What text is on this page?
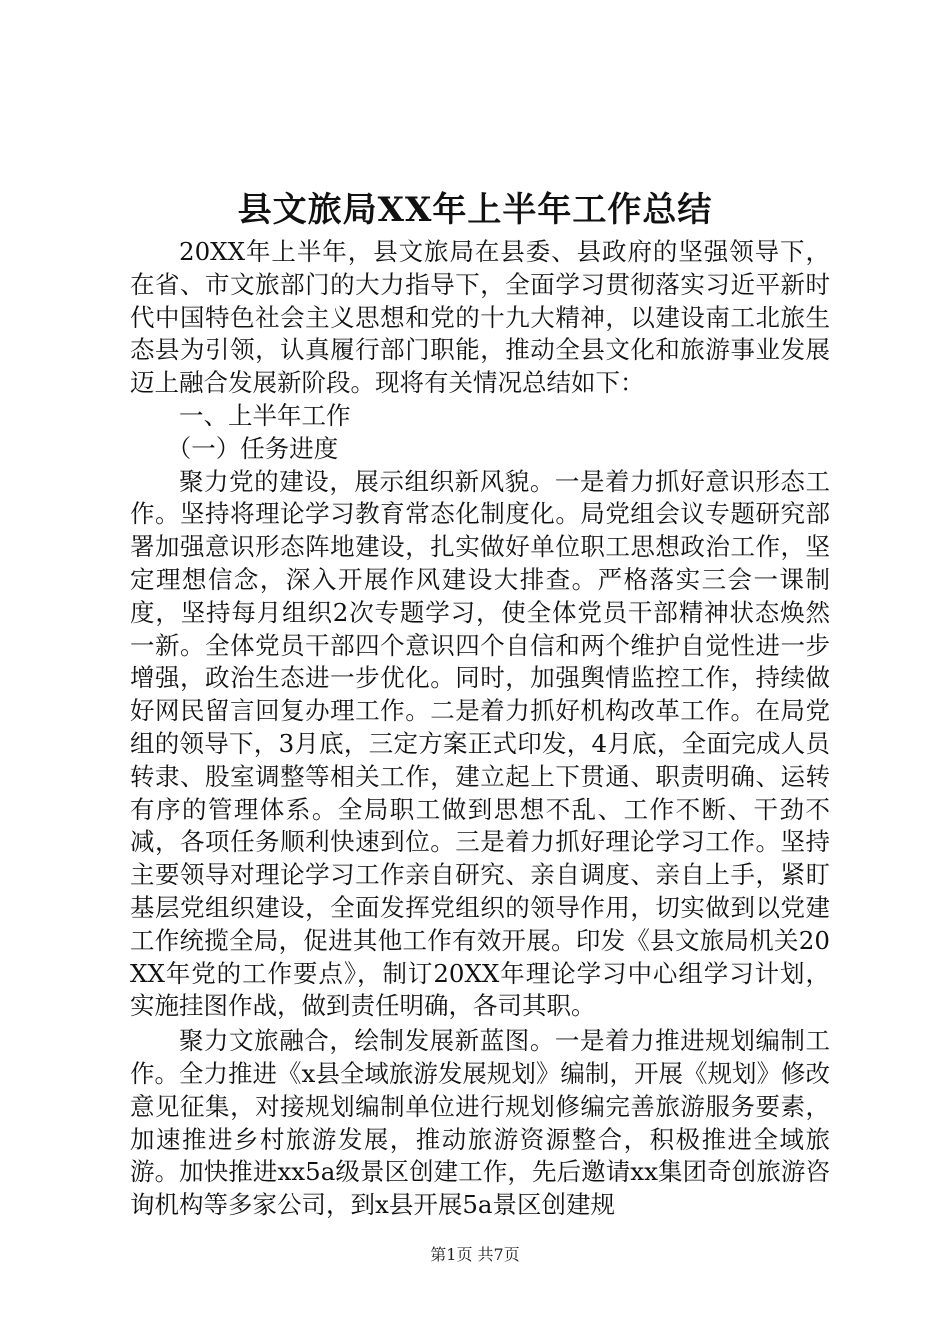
县文旅局XX年上半年工作总结

20XX年上半年，县文旅局在县委、县政府的坚强领导下，在省、市文旅部门的大力指导下，全面学习贯彻落实习近平新时代中国特色社会主义思想和党的十九大精神，以建设南工北旅生态县为引领，认真履行部门职能，推动全县文化和旅游事业发展迈上融合发展新阶段。现将有关情况总结如下：

一、上半年工作

（一）任务进度

聚力党的建设，展示组织新风貌。一是着力抓好意识形态工作。坚持将理论学习教育常态化制度化。局党组会议专题研究部署加强意识形态阵地建设，扎实做好单位职工思想政治工作，坚定理想信念，深入开展作风建设大排查。严格落实三会一课制度，坚持每月组织2次专题学习，使全体党员干部精神状态焕然一新。全体党员干部四个意识四个自信和两个维护自觉性进一步增强，政治生态进一步优化。同时，加强舆情监控工作，持续做好网民留言回复办理工作。二是着力抓好机构改革工作。在局党组的领导下，3月底，三定方案正式印发，4月底，全面完成人员转隶、股室调整等相关工作，建立起上下贯通、职责明确、运转有序的管理体系。全局职工做到思想不乱、工作不断、干劲不减，各项任务顺利快速到位。三是着力抓好理论学习工作。坚持主要领导对理论学习工作亲自研究、亲自调度、亲自上手，紧盯基层党组织建设，全面发挥党组织的领导作用，切实做到以党建工作统揽全局，促进其他工作有效开展。印发《县文旅局机关20XX年党的工作要点》，制订20XX年理论学习中心组学习计划，实施挂图作战，做到责任明确，各司其职。

聚力文旅融合，绘制发展新蓝图。一是着力推进规划编制工作。全力推进《x县全域旅游发展规划》编制，开展《规划》修改意见征集，对接规划编制单位进行规划修编完善旅游服务要素，加速推进乡村旅游发展，推动旅游资源整合，积极推进全域旅游。加快推进xx5a级景区创建工作，先后邀请xx集团奇创旅游咨询机构等多家公司，到x县开展5a景区创建规

第1页 共7页
